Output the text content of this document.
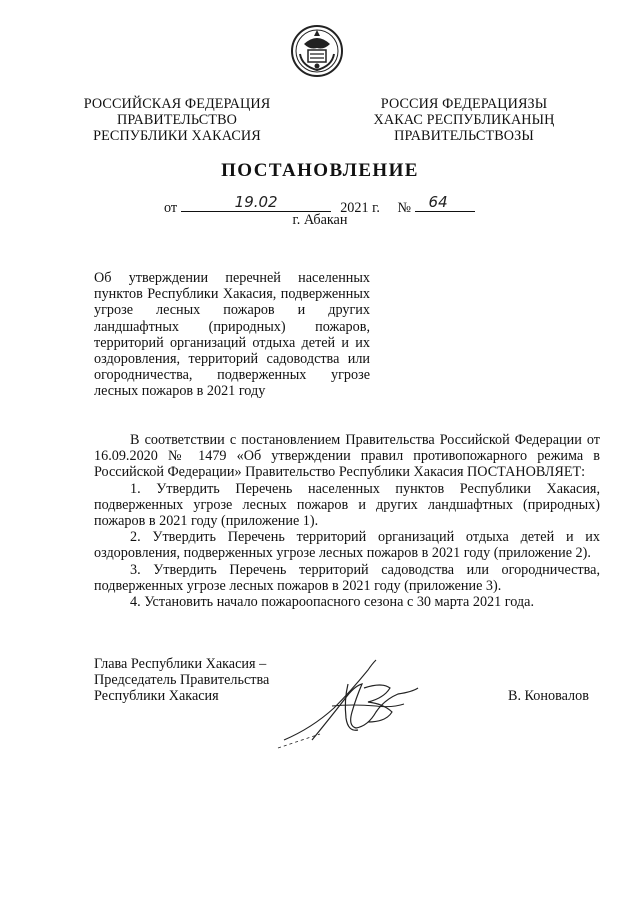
РОССИЙСКАЯ ФЕДЕРАЦИЯ
ПРАВИТЕЛЬСТВО
РЕСПУБЛИКИ ХАКАСИЯ
РОССИЯ ФЕДЕРАЦИЯЗЫ
ХАКАС РЕСПУБЛИКАНЫҢ
ПРАВИТЕЛЬСТВОЗЫ
ПОСТАНОВЛЕНИЕ
от	19.02	2021 г. № 64
г. Абакан
Об утверждении перечней населенных пунктов Республики Хакасия, подверженных угрозе лесных пожаров и других ландшафтных (природных) пожаров, территорий организаций отдыха детей и их оздоровления, территорий садоводства или огородничества, подверженных угрозе лесных пожаров в 2021 году

В соответствии с постановлением Правительства Российской Федерации от 16.09.2020 № 1479 «Об утверждении правил противопожарного режима в Российской Федерации» Правительство Республики Хакасия ПОСТАНОВЛЯЕТ:

1. Утвердить Перечень населенных пунктов Республики Хакасия, подверженных угрозе лесных пожаров и других ландшафтных (природных) пожаров в 2021 году (приложение 1).

2. Утвердить Перечень территорий организаций отдыха детей и их оздоровления, подверженных угрозе лесных пожаров в 2021 году (приложение 2).

3. Утвердить Перечень территорий садоводства или огородничества, подверженных угрозе лесных пожаров в 2021 году (приложение 3).

4. Установить начало пожароопасного сезона с 30 марта 2021 года.

Глава Республики Хакасия –
Председатель Правительства
Республики Хакасия	В. Коновалов
